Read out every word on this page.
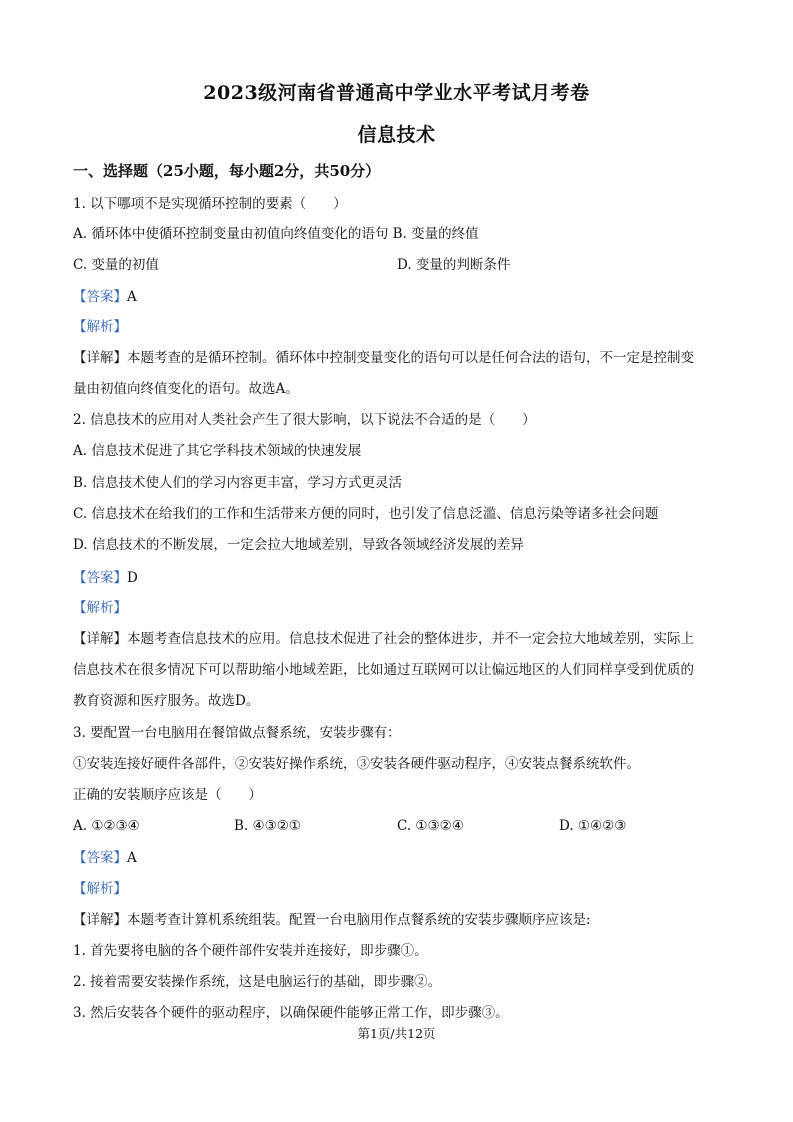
2023级河南省普通高中学业水平考试月考卷
信息技术
一、选择题（25小题，每小题2分，共50分）
1. 以下哪项不是实现循环控制的要素（　　）
A. 循环体中使循环控制变量由初值向终值变化的语句 B. 变量的终值
C. 变量的初值	D. 变量的判断条件
【答案】A
【解析】
【详解】本题考查的是循环控制。循环体中控制变量变化的语句可以是任何合法的语句，不一定是控制变
量由初值向终值变化的语句。故选A。
2. 信息技术的应用对人类社会产生了很大影响，以下说法不合适的是（　　）
A. 信息技术促进了其它学科技术领域的快速发展
B. 信息技术使人们的学习内容更丰富，学习方式更灵活
C. 信息技术在给我们的工作和生活带来方便的同时，也引发了信息泛滥、信息污染等诸多社会问题
D. 信息技术的不断发展，一定会拉大地域差别，导致各领域经济发展的差异
【答案】D
【解析】
【详解】本题考查信息技术的应用。信息技术促进了社会的整体进步，并不一定会拉大地域差别，实际上
信息技术在很多情况下可以帮助缩小地域差距，比如通过互联网可以让偏远地区的人们同样享受到优质的
教育资源和医疗服务。故选D。
3. 要配置一台电脑用在餐馆做点餐系统，安装步骤有：
①安装连接好硬件各部件，②安装好操作系统，③安装各硬件驱动程序，④安装点餐系统软件。
正确的安装顺序应该是（　　）
A. ①②③④	B. ④③②①	C. ①③②④	D. ①④②③
【答案】A
【解析】
【详解】本题考查计算机系统组装。配置一台电脑用作点餐系统的安装步骤顺序应该是:
1. 首先要将电脑的各个硬件部件安装并连接好，即步骤①。
2. 接着需要安装操作系统，这是电脑运行的基础，即步骤②。
3. 然后安装各个硬件的驱动程序，以确保硬件能够正常工作，即步骤③。
第1页/共12页
